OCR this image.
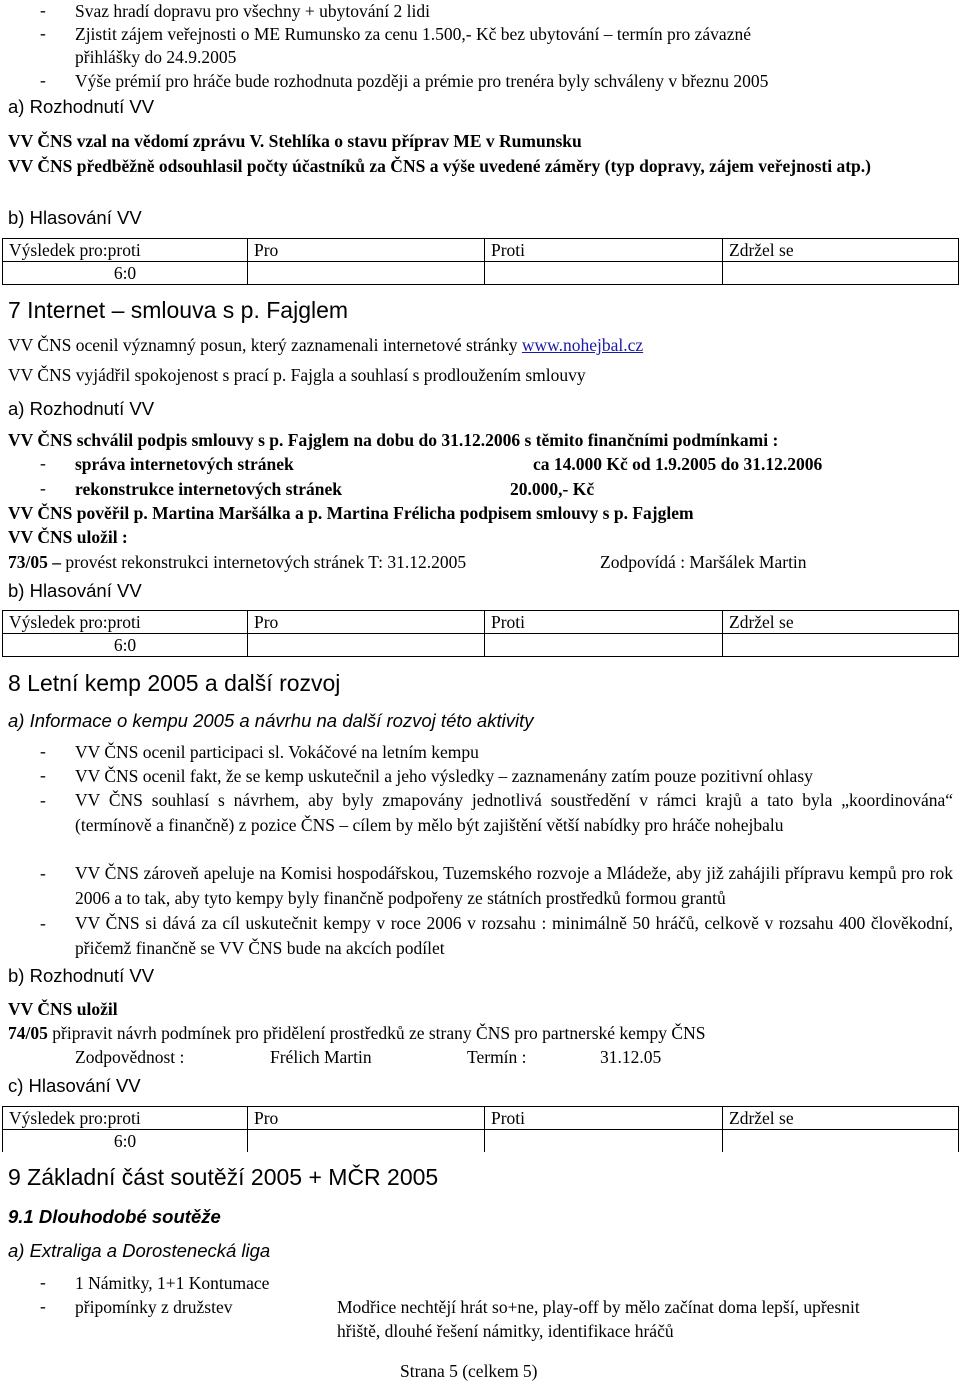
- Svaz hradí dopravu pro všechny + ubytování 2 lidi
- Zjistit zájem veřejnosti o ME Rumunsko za cenu 1.500,- Kč bez ubytování – termín pro závazné
přihlášky do 24.9.2005
- Výše prémií pro hráče bude rozhodnuta později a prémie pro trenéra byly schváleny v březnu 2005
a) Rozhodnutí VV
VV ČNS vzal na vědomí zprávu V. Stehlíka o stavu příprav ME v Rumunsku
VV ČNS předběžně odsouhlasil počty účastníků za ČNS a výše uvedené záměry (typ dopravy, zájem veřejnosti atp.)
b) Hlasování VV
Výsledek pro:proti	Pro	Proti	Zdržel se
6:0			
7 Internet – smlouva s p. Fajglem
VV ČNS ocenil významný posun, který zaznamenali internetové stránky www.nohejbal.cz
VV ČNS vyjádřil spokojenost s prací p. Fajgla a souhlasí s prodloužením smlouvy
a) Rozhodnutí VV
VV ČNS schválil podpis smlouvy s p. Fajglem na dobu do 31.12.2006 s těmito finančními podmínkami :
- správa internetových stránek	ca 14.000 Kč od 1.9.2005 do 31.12.2006
- rekonstrukce internetových stránek	20.000,- Kč
VV ČNS pověřil p. Martina Maršálka a p. Martina Frélicha podpisem smlouvy s p. Fajglem
VV ČNS uložil :
73/05 – provést rekonstrukci internetových stránek T: 31.12.2005	Zodpovídá : Maršálek Martin
b) Hlasování VV
Výsledek pro:proti	Pro	Proti	Zdržel se
6:0			
8 Letní kemp 2005 a další rozvoj
a) Informace o kempu 2005 a návrhu na další rozvoj této aktivity
- VV ČNS ocenil participaci sl. Vokáčové na letním kempu
- VV ČNS ocenil fakt, že se kemp uskutečnil a jeho výsledky – zaznamenány zatím pouze pozitivní ohlasy
- VV ČNS souhlasí s návrhem, aby byly zmapovány jednotlivá soustředění v rámci krajů a tato byla „koordinována“ (termínově a finančně) z pozice ČNS – cílem by mělo být zajištění větší nabídky pro hráče nohejbalu
- VV ČNS zároveň apeluje na Komisi hospodářskou, Tuzemského rozvoje a Mládeže, aby již zahájili přípravu kempů pro rok 2006 a to tak, aby tyto kempy byly finančně podpořeny ze státních prostředků formou grantů
- VV ČNS si dává za cíl uskutečnit kempy v roce 2006 v rozsahu : minimálně 50 hráčů, celkově v rozsahu 400 člověkodní, přičemž finančně se VV ČNS bude na akcích podílet
b) Rozhodnutí VV
VV ČNS uložil
74/05 připravit návrh podmínek pro přidělení prostředků ze strany ČNS pro partnerské kempy ČNS
Zodpovědnost :	Frélich Martin	Termín :	31.12.05
c) Hlasování VV
Výsledek pro:proti	Pro	Proti	Zdržel se
6:0			
9 Základní část soutěží 2005 + MČR 2005
9.1 Dlouhodobé soutěže
a) Extraliga a Dorostenecká liga
- 1 Námitky, 1+1 Kontumace
- připomínky z družstev	Modřice nechtějí hrát so+ne, play-off by mělo začínat doma lepší, upřesnit
hřiště, dlouhé řešení námitky, identifikace hráčů
Strana 5 (celkem 5)
